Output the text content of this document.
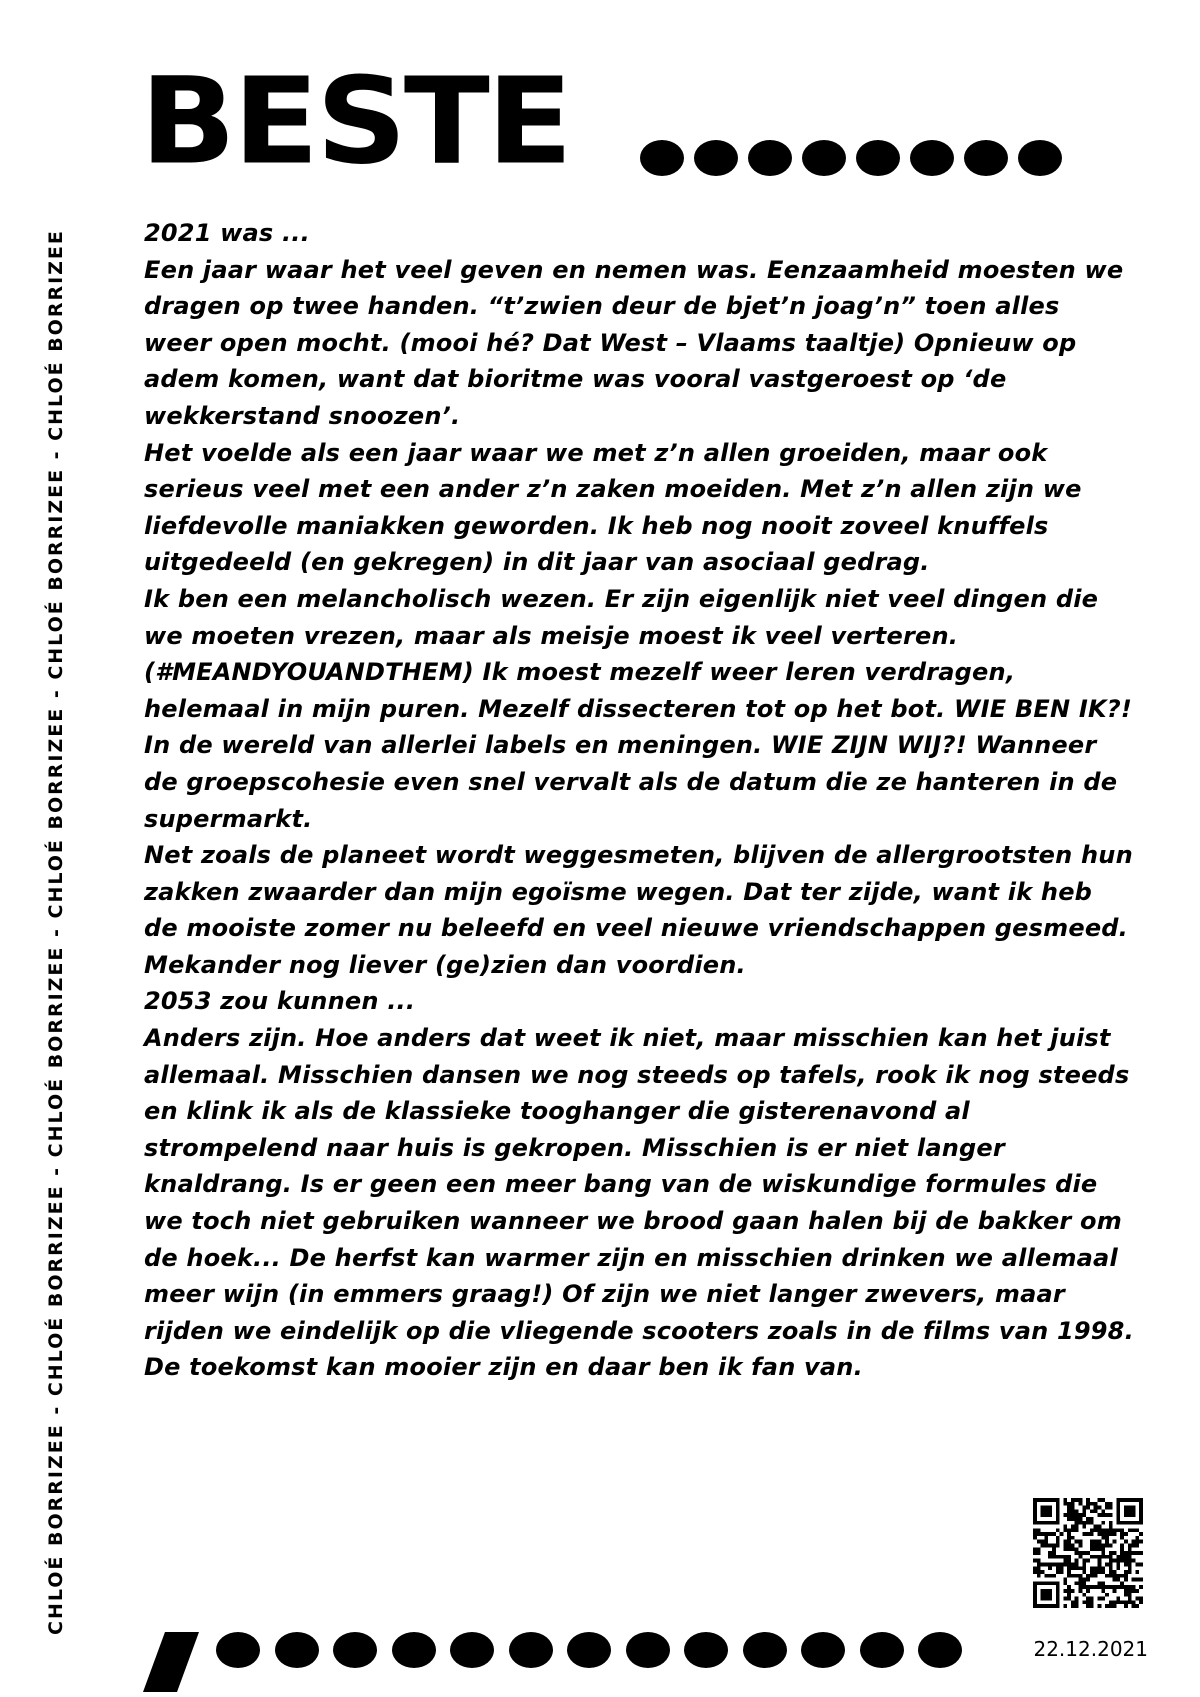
CHLOÉ BORRIZEE - CHLOÉ BORRIZEE - CHLOÉ BORRIZEE - CHLOÉ BORRIZEE - CHLOÉ BORRIZEE - CHLOÉ BORRIZEE
BESTE

2021 was ...

Een jaar waar het veel geven en nemen was. Eenzaamheid moesten we dragen op twee handen. “t’zwien deur de bjet’n joag’n” toen alles weer open mocht. (mooi hé? Dat West – Vlaams taaltje) Opnieuw op adem komen, want dat bioritme was vooral vastgeroest op ‘de wekkerstand snoozen’.

Het voelde als een jaar waar we met z’n allen groeiden, maar ook serieus veel met een ander z’n zaken moeiden. Met z’n allen zijn we liefdevolle maniakken geworden. Ik heb nog nooit zoveel knuffels uitgedeeld (en gekregen) in dit jaar van asociaal gedrag.

Ik ben een melancholisch wezen. Er zijn eigenlijk niet veel dingen die we moeten vrezen, maar als meisje moest ik veel verteren. (#MEANDYOUANDTHEM) Ik moest mezelf weer leren verdragen, helemaal in mijn puren. Mezelf dissecteren tot op het bot. WIE BEN IK?! In de wereld van allerlei labels en meningen. WIE ZIJN WIJ?! Wanneer de groepscohesie even snel vervalt als de datum die ze hanteren in de supermarkt.

Net zoals de planeet wordt weggesmeten, blijven de allergrootsten hun zakken zwaarder dan mijn egoïsme wegen. Dat ter zijde, want ik heb de mooiste zomer nu beleefd en veel nieuwe vriendschappen gesmeed. Mekander nog liever (ge)zien dan voordien.

2053 zou kunnen ...

Anders zijn. Hoe anders dat weet ik niet, maar misschien kan het juist allemaal. Misschien dansen we nog steeds op tafels, rook ik nog steeds en klink ik als de klassieke tooghanger die gisterenavond al strompelend naar huis is gekropen. Misschien is er niet langer knaldrang. Is er geen een meer bang van de wiskundige formules die we toch niet gebruiken wanneer we brood gaan halen bij de bakker om de hoek... De herfst kan warmer zijn en misschien drinken we allemaal meer wijn (in emmers graag!) Of zijn we niet langer zwevers, maar rijden we eindelijk op die vliegende scooters zoals in de films van 1998.

De toekomst kan mooier zijn en daar ben ik fan van.

22.12.2021
